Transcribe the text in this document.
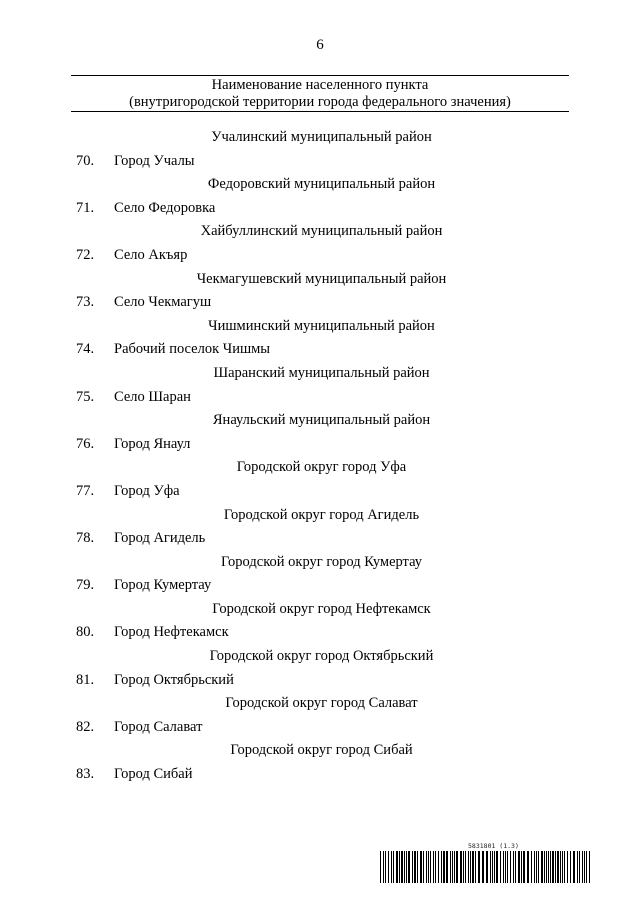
6
Наименование населенного пункта
(внутригородской территории города федерального значения)
Учалинский муниципальный район
70.	Город Учалы
Федоровский муниципальный район
71.	Село Федоровка
Хайбуллинский муниципальный район
72.	Село Акъяр
Чекмагушевский муниципальный район
73.	Село Чекмагуш
Чишминский муниципальный район
74.	Рабочий поселок Чишмы
Шаранский муниципальный район
75.	Село Шаран
Янаульский муниципальный район
76.	Город Янаул
Городской округ город Уфа
77.	Город Уфа
Городской округ город Агидель
78.	Город Агидель
Городской округ город Кумертау
79.	Город Кумертау
Городской округ город Нефтекамск
80.	Город Нефтекамск
Городской округ город Октябрьский
81.	Город Октябрьский
Городской округ город Салават
82.	Город Салават
Городской округ город Сибай
83.	Город Сибай
5831801 (1.3)
